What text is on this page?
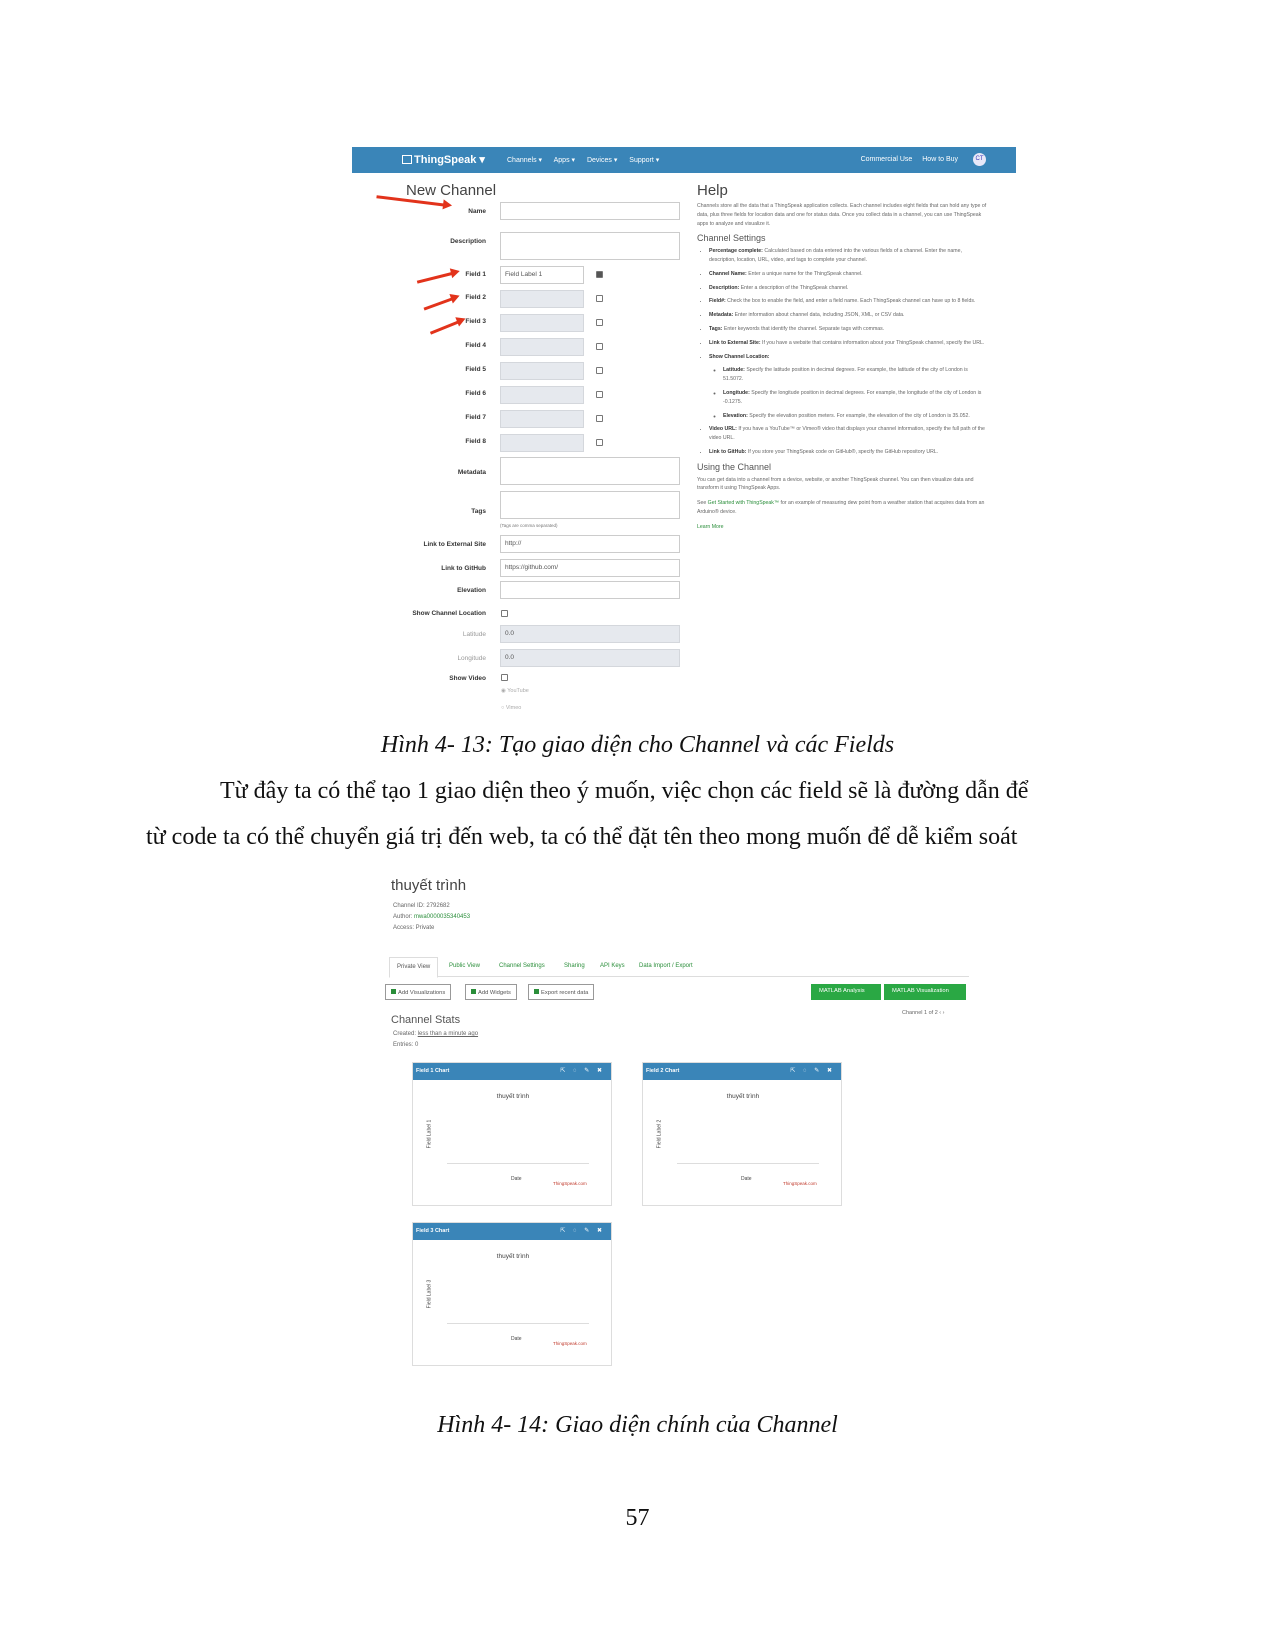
ThingSpeak ▾	Channels ▾ Apps ▾ Devices ▾ Support ▾	Commercial Use How to Buy	CT
New Channel	Help
Name
Description
Field 1	Field Label 1
Field 2
Field 3
Field 4
Field 5
Field 6
Field 7
Field 8
Metadata
Tags
(Tags are comma separated)
Link to External Site	http://
Link to GitHub	https://github.com/
Elevation
Show Channel Location
Latitude	0.0
Longitude	0.0
Show Video
◉ YouTube
○ Vimeo

Channels store all the data that a ThingSpeak application collects. Each channel includes eight fields that can hold any type of data, plus three fields for location data and one for status data. Once you collect data in a channel, you can use ThingSpeak apps to analyze and visualize it.

Channel Settings
• Percentage complete: Calculated based on data entered into the various fields of a channel. Enter the name, description, location, URL, video, and tags to complete your channel.
• Channel Name: Enter a unique name for the ThingSpeak channel.
• Description: Enter a description of the ThingSpeak channel.
• Field#: Check the box to enable the field, and enter a field name. Each ThingSpeak channel can have up to 8 fields.
• Metadata: Enter information about channel data, including JSON, XML, or CSV data.
• Tags: Enter keywords that identify the channel. Separate tags with commas.
• Link to External Site: If you have a website that contains information about your ThingSpeak channel, specify the URL.
• Show Channel Location:
◦ Latitude: Specify the latitude position in decimal degrees. For example, the latitude of the city of London is 51.5072.
◦ Longitude: Specify the longitude position in decimal degrees. For example, the longitude of the city of London is -0.1275.
◦ Elevation: Specify the elevation position meters. For example, the elevation of the city of London is 35.052.
• Video URL: If you have a YouTube™ or Vimeo® video that displays your channel information, specify the full path of the video URL.
• Link to GitHub: If you store your ThingSpeak code on GitHub®, specify the GitHub repository URL.
Using the Channel

You can get data into a channel from a device, website, or another ThingSpeak channel. You can then visualize data and transform it using ThingSpeak Apps.

See Get Started with ThingSpeak™ for an example of measuring dew point from a weather station that acquires data from an Arduino® device.

Learn More

Hình 4- 13: Tạo giao diện cho Channel và các Fields
Từ đây ta có thể tạo 1 giao diện theo ý muốn, việc chọn các field sẽ là đường dẫn để
từ code ta có thể chuyển giá trị đến web, ta có thể đặt tên theo mong muốn để dễ kiểm soát
thuyết trình
Channel ID: 2792682
Author: mwa0000035340453
Access: Private
Private View	Public View	Channel Settings	Sharing	API Keys Data Import / Export
Add Visualizations	Add Widgets	Export recent data	MATLAB Analysis	MATLAB Visualization
Channel 1 of 2 ‹ ›
Channel Stats
Created: less than a minute ago
Entries: 0
Field 1 Chart	⇱ ◌ ✎ ✖
thuyết trình
Field Label 1
Date
ThingSpeak.com
Field 2 Chart	⇱ ◌ ✎ ✖
thuyết trình
Field Label 2
Date
ThingSpeak.com
Field 3 Chart	⇱ ◌ ✎ ✖
thuyết trình
Field Label 3
Date
ThingSpeak.com
Hình 4- 14: Giao diện chính của Channel
57
